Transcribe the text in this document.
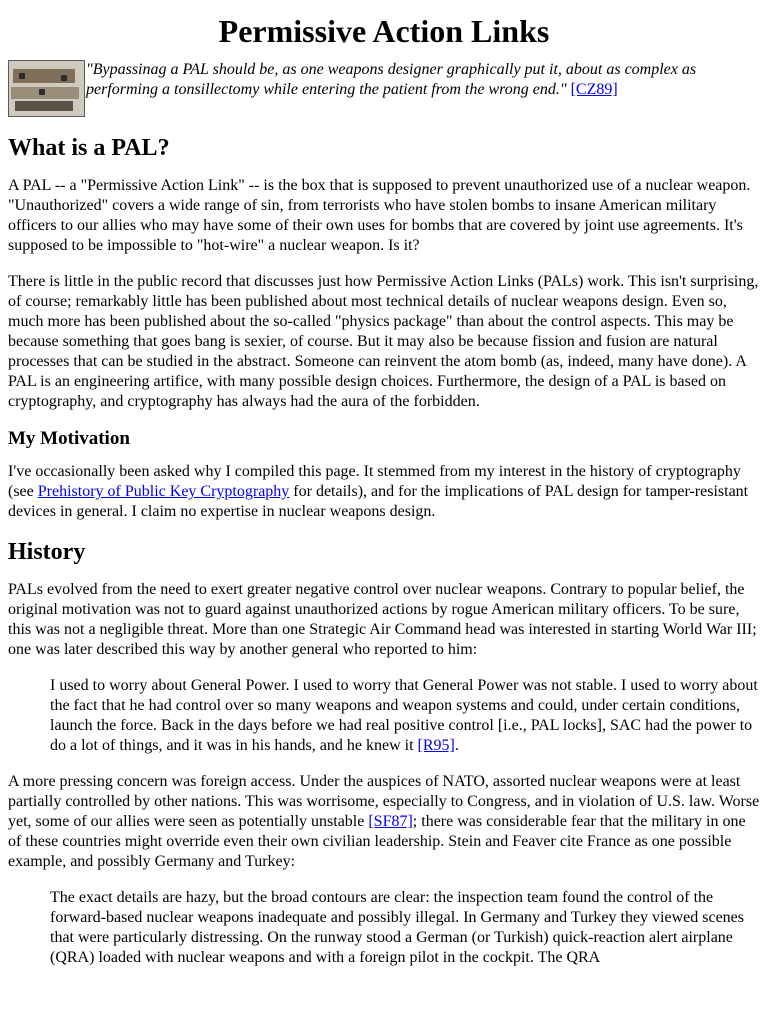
Permissive Action Links
"Bypassinag a PAL should be, as one weapons designer graphically put it, about as complex as performing a tonsillectomy while entering the patient from the wrong end." [CZ89]
What is a PAL?

A PAL -- a "Permissive Action Link" -- is the box that is supposed to prevent unauthorized use of a nuclear weapon. "Unauthorized" covers a wide range of sin, from terrorists who have stolen bombs to insane American military officers to our allies who may have some of their own uses for bombs that are covered by joint use agreements. It's supposed to be impossible to "hot-wire" a nuclear weapon. Is it?

There is little in the public record that discusses just how Permissive Action Links (PALs) work. This isn't surprising, of course; remarkably little has been published about most technical details of nuclear weapons design. Even so, much more has been published about the so-called "physics package" than about the control aspects. This may be because something that goes bang is sexier, of course. But it may also be because fission and fusion are natural processes that can be studied in the abstract. Someone can reinvent the atom bomb (as, indeed, many have done). A PAL is an engineering artifice, with many possible design choices. Furthermore, the design of a PAL is based on cryptography, and cryptography has always had the aura of the forbidden.

My Motivation

I've occasionally been asked why I compiled this page. It stemmed from my interest in the history of cryptography (see Prehistory of Public Key Cryptography for details), and for the implications of PAL design for tamper-resistant devices in general. I claim no expertise in nuclear weapons design.

History

PALs evolved from the need to exert greater negative control over nuclear weapons. Contrary to popular belief, the original motivation was not to guard against unauthorized actions by rogue American military officers. To be sure, this was not a negligible threat. More than one Strategic Air Command head was interested in starting World War III; one was later described this way by another general who reported to him:

I used to worry about General Power. I used to worry that General Power was not stable. I used to worry about the fact that he had control over so many weapons and weapon systems and could, under certain conditions, launch the force. Back in the days before we had real positive control [i.e., PAL locks], SAC had the power to do a lot of things, and it was in his hands, and he knew it [R95].

A more pressing concern was foreign access. Under the auspices of NATO, assorted nuclear weapons were at least partially controlled by other nations. This was worrisome, especially to Congress, and in violation of U.S. law. Worse yet, some of our allies were seen as potentially unstable [SF87]; there was considerable fear that the military in one of these countries might override even their own civilian leadership. Stein and Feaver cite France as one possible example, and possibly Germany and Turkey:

The exact details are hazy, but the broad contours are clear: the inspection team found the control of the forward-based nuclear weapons inadequate and possibly illegal. In Germany and Turkey they viewed scenes that were particularly distressing. On the runway stood a German (or Turkish) quick-reaction alert airplane (QRA) loaded with nuclear weapons and with a foreign pilot in the cockpit. The QRA
